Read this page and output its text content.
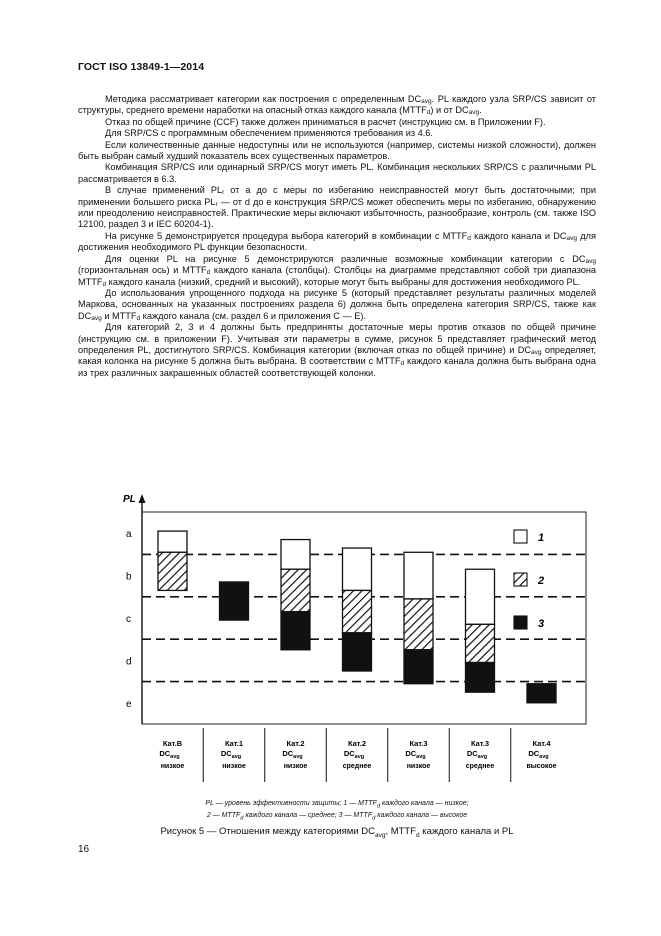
ГОСТ ISO 13849-1—2014

Методика рассматривает категории как построения с определенным $DC_{avg}$. PL каждого узла SRP/CS зависит от структуры, среднего времени наработки на опасный отказ каждого канала $(MTTF_d)$ и от $DC_{avg}$.

Отказ по общей причине (CCF) также должен приниматься в расчет (инструкцию см. в Приложении F).

Для SRP/CS с программным обеспечением применяются требования из 4.6.

Если количественные данные недоступны или не используются (например, системы низкой сложности), должен быть выбран самый худший показатель всех существенных параметров.

Комбинация SRP/CS или одинарный SRP/CS могут иметь PL. Комбинация нескольких SRP/CS с различными PL рассматривается в 6.3.

В случае применений $PL_r$ от a до c меры по избеганию неисправностей могут быть достаточными; при применении большего риска $PL_r$ — от d до e конструкция SRP/CS может обеспечить меры по избеганию, обнаружению или преодолению неисправностей. Практические меры включают избыточность, разнообразие, контроль (см. также ISO 12100, раздел 3 и IEC 60204-1).

На рисунке 5 демонстрируется процедура выбора категорий в комбинации с $MTTF_d$ каждого канала и $DC_{avg}$ для достижения необходимого PL функции безопасности.

Для оценки PL на рисунке 5 демонстрируются различные возможные комбинации категории с $DC_{avg}$ (горизонтальная ось) и $MTTF_d$ каждого канала (столбцы). Столбцы на диаграмме представляют собой три диапазона $MTTF_d$ каждого канала (низкий, средний и высокий), которые могут быть выбраны для достижения необходимого PL.

До использования упрощенного подхода на рисунке 5 (который представляет результаты различных моделей Маркова, основанных на указанных построениях раздела 6) должна быть определена категория SRP/CS, также как $DC_{avg}$ и $MTTF_d$ каждого канала (см. раздел 6 и приложения С — Е).

Для категорий 2, 3 и 4 должны быть предприняты достаточные меры против отказов по общей причине (инструкцию см. в приложении F). Учитывая эти параметры в сумме, рисунок 5 представляет графический метод определения PL, достигнутого SRP/CS. Комбинация категории (включая отказ по общей причине) и $DC_{avg}$ определяет, какая колонка на рисунке 5 должна быть выбрана. В соответствии с $MTTF_d$ каждого канала должна быть выбрана одна из трех различных закрашенных областей соответствующей колонки.

PL
a
b
c
d
e
1
2
3
Кат.В
$DC_{avg}$
низкое
Кат.1
$DC_{avg}$
низкое
Кат.2
$DC_{avg}$
низкое
Кат.2
$DC_{avg}$
среднее
Кат.3
$DC_{avg}$
низкое
Кат.3
$DC_{avg}$
среднее
Кат.4
$DC_{avg}$
высокое
PL — уровень эффективности защиты; 1 — $MTTF_d$ каждого канала — низкое;
2 — $MTTF_d$ каждого канала — среднее; 3 — $MTTF_d$ каждого канала — высокое
Рисунок 5 — Отношения между категориями $DC_{avg}$, $MTTF_d$ каждого канала и PL
16
